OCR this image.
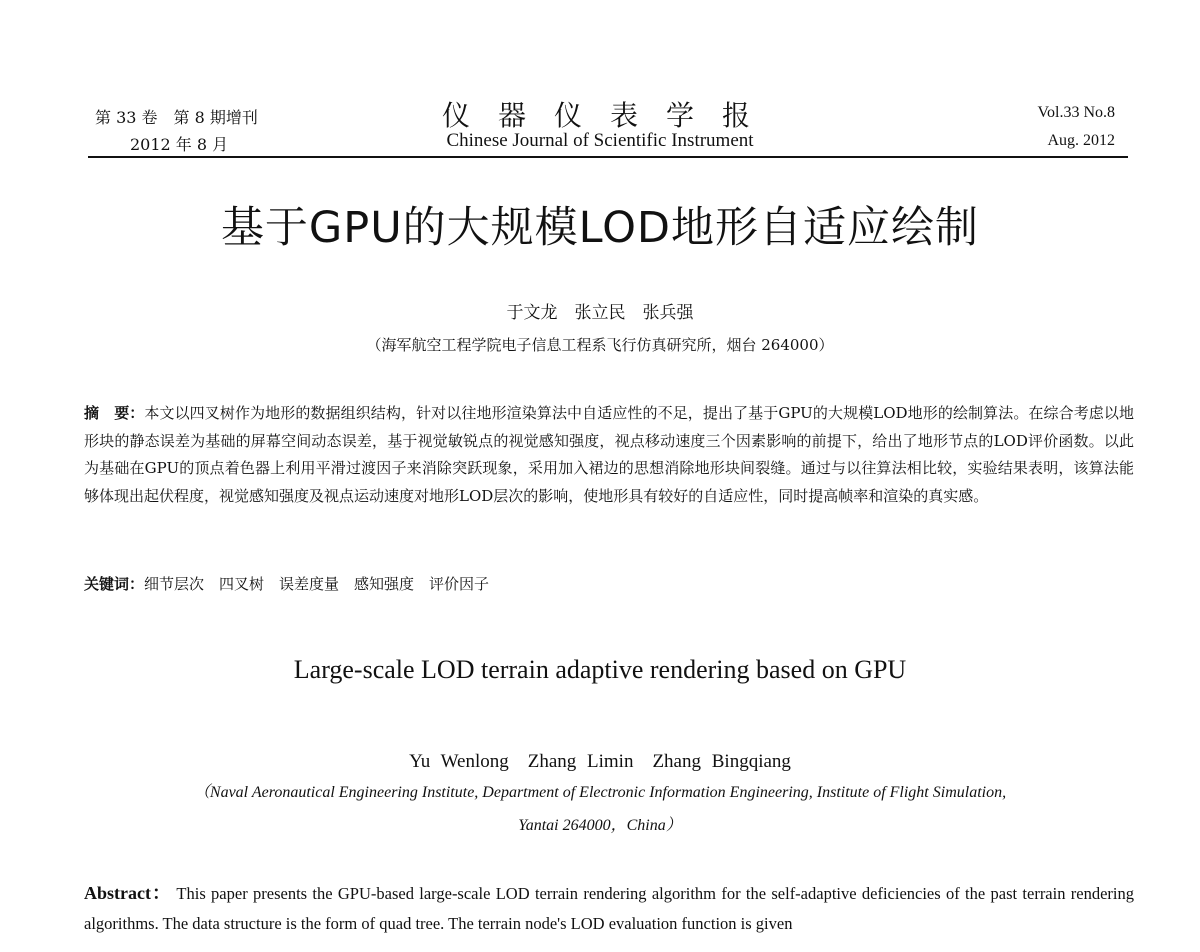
第 33 卷　第 8 期增刊
2012 年 8 月
仪器仪表学报
Chinese Journal of Scientific Instrument
Vol.33 No.8
Aug. 2012
基于GPU的大规模LOD地形自适应绘制
于文龙　张立民　张兵强
（海军航空工程学院电子信息工程系飞行仿真研究所，烟台 264000）
摘　要：本文以四叉树作为地形的数据组织结构，针对以往地形渲染算法中自适应性的不足，提出了基于GPU的大规模LOD地形的绘制算法。在综合考虑以地形块的静态误差为基础的屏幕空间动态误差，基于视觉敏锐点的视觉感知强度，视点移动速度三个因素影响的前提下，给出了地形节点的LOD评价函数。以此为基础在GPU的顶点着色器上利用平滑过渡因子来消除突跃现象，采用加入裙边的思想消除地形块间裂缝。通过与以往算法相比较，实验结果表明，该算法能够体现出起伏程度，视觉感知强度及视点运动速度对地形LOD层次的影响，使地形具有较好的自适应性，同时提高帧率和渲染的真实感。
关键词：细节层次　四叉树　误差度量　感知强度　评价因子
Large-scale LOD terrain adaptive rendering based on GPU
Yu Wenlong　Zhang Limin　Zhang Bingqiang
（Naval Aeronautical Engineering Institute, Department of Electronic Information Engineering, Institute of Flight Simulation,
Yantai 264000，China）
Abstract： This paper presents the GPU-based large-scale LOD terrain rendering algorithm for the self-adaptive deficiencies of the past terrain rendering algorithms. The data structure is the form of quad tree. The terrain node's LOD evaluation function is given
